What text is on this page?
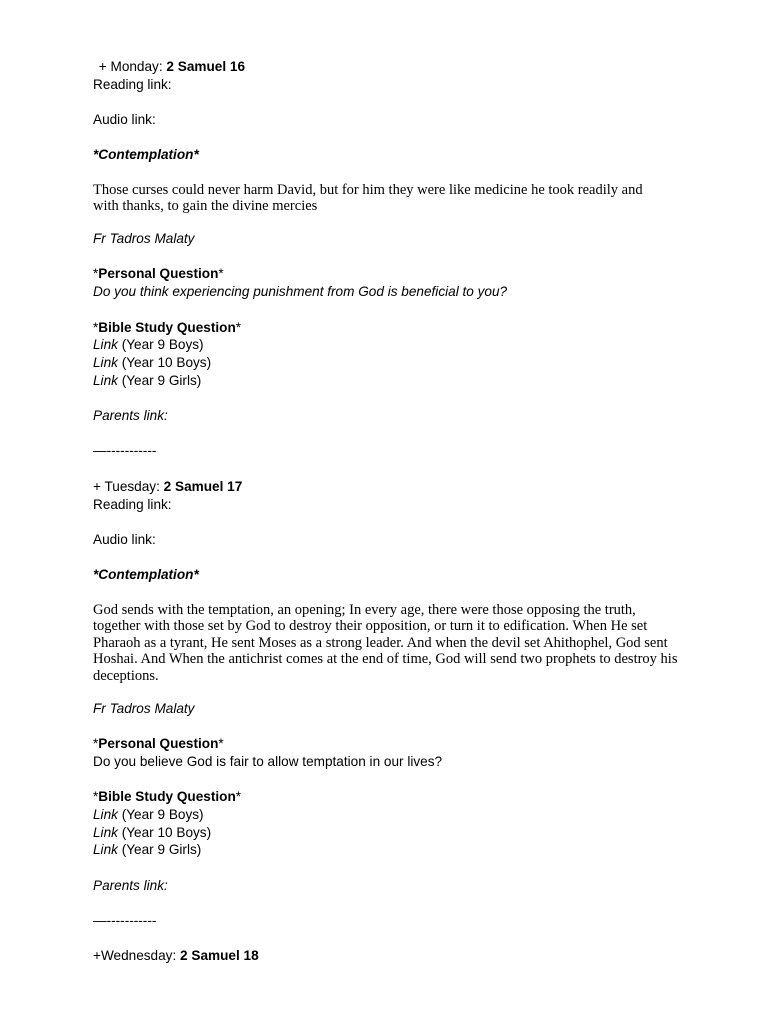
+ Monday: 2 Samuel 16
Reading link:
Audio link:
*Contemplation*
Those curses could never harm David, but for him they were like medicine he took readily and with thanks, to gain the divine mercies
Fr Tadros Malaty
*Personal Question*
Do you think experiencing punishment from God is beneficial to you?
*Bible Study Question*
Link (Year 9 Boys)
Link (Year 10 Boys)
Link (Year 9 Girls)
Parents link:
—-----------
+ Tuesday: 2 Samuel 17
Reading link:
Audio link:
*Contemplation*
God sends with the temptation, an opening; In every age, there were those opposing the truth, together with those set by God to destroy their opposition, or turn it to edification. When He set Pharaoh as a tyrant, He sent Moses as a strong leader. And when the devil set Ahithophel, God sent Hoshai. And When the antichrist comes at the end of time, God will send two prophets to destroy his deceptions.
Fr Tadros Malaty
*Personal Question*
Do you believe God is fair to allow temptation in our lives?
*Bible Study Question*
Link (Year 9 Boys)
Link (Year 10 Boys)
Link (Year 9 Girls)
Parents link:
—-----------
+Wednesday: 2 Samuel 18
